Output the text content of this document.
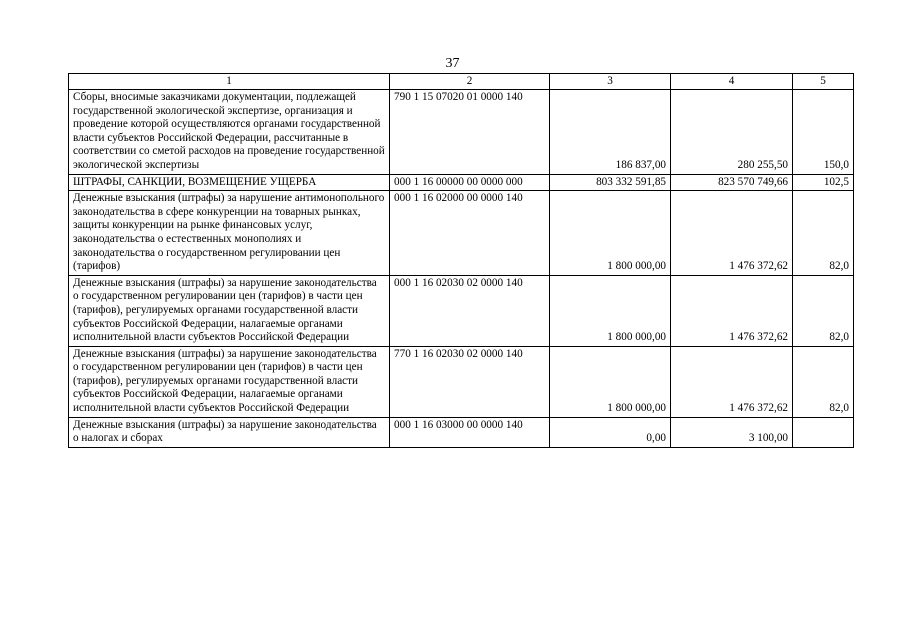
37
1	2	3	4	5
Сборы, вносимые заказчиками документации, подлежащей государственной экологической экспертизе, организация и проведение которой осуществляются органами государственной власти субъектов Российской Федерации, рассчитанные в соответствии со сметой расходов на проведение государственной экологической экспертизы	790 1 15 07020 01 0000 140	186 837,00	280 255,50	150,0
ШТРАФЫ, САНКЦИИ, ВОЗМЕЩЕНИЕ УЩЕРБА	000 1 16 00000 00 0000 000	803 332 591,85	823 570 749,66	102,5
Денежные взыскания (штрафы) за нарушение антимонопольного законодательства в сфере конкуренции на товарных рынках, защиты конкуренции на рынке финансовых услуг, законодательства о естественных монополиях и законодательства о государственном регулировании цен (тарифов)	000 1 16 02000 00 0000 140	1 800 000,00	1 476 372,62	82,0
Денежные взыскания (штрафы) за нарушение законодательства о государственном регулировании цен (тарифов) в части цен (тарифов), регулируемых органами государственной власти субъектов Российской Федерации, налагаемые органами исполнительной власти субъектов Российской Федерации	000 1 16 02030 02 0000 140	1 800 000,00	1 476 372,62	82,0
Денежные взыскания (штрафы) за нарушение законодательства о государственном регулировании цен (тарифов) в части цен (тарифов), регулируемых органами государственной власти субъектов Российской Федерации, налагаемые органами исполнительной власти субъектов Российской Федерации	770 1 16 02030 02 0000 140	1 800 000,00	1 476 372,62	82,0
Денежные взыскания (штрафы) за нарушение законодательства о налогах и сборах	000 1 16 03000 00 0000 140	0,00	3 100,00	
